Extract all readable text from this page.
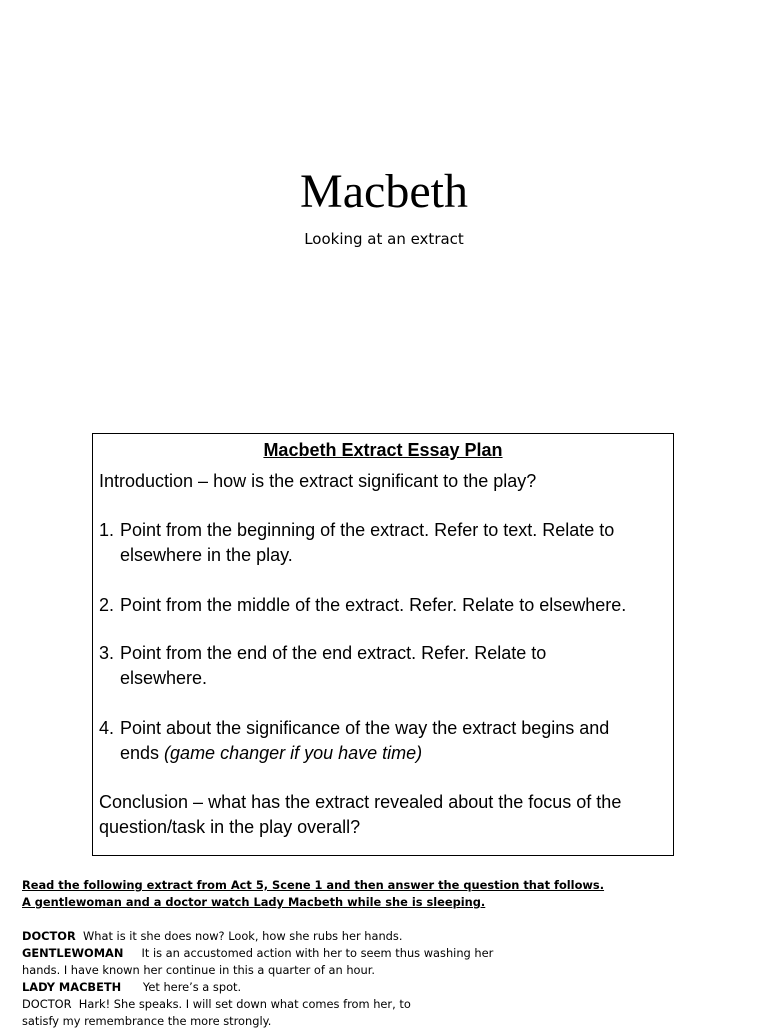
Macbeth
Looking at an extract
Macbeth Extract Essay Plan
Introduction – how is the extract significant to the play?
1. Point from the beginning of the extract. Refer to text. Relate to
elsewhere in the play.
2. Point from the middle of the extract. Refer. Relate to elsewhere.
3. Point from the end of the end extract. Refer. Relate to
elsewhere.
4. Point about the significance of the way the extract begins and
ends (game changer if you have time)
Conclusion – what has the extract revealed about the focus of the
question/task in the play overall?
Read the following extract from Act 5, Scene 1 and then answer the question that follows.
A gentlewoman and a doctor watch Lady Macbeth while she is sleeping.
DOCTOR  What is it she does now? Look, how she rubs her hands.
GENTLEWOMAN     It is an accustomed action with her to seem thus washing her
hands. I have known her continue in this a quarter of an hour.
LADY MACBETH      Yet here’s a spot.
DOCTOR  Hark! She speaks. I will set down what comes from her, to
satisfy my remembrance the more strongly.
